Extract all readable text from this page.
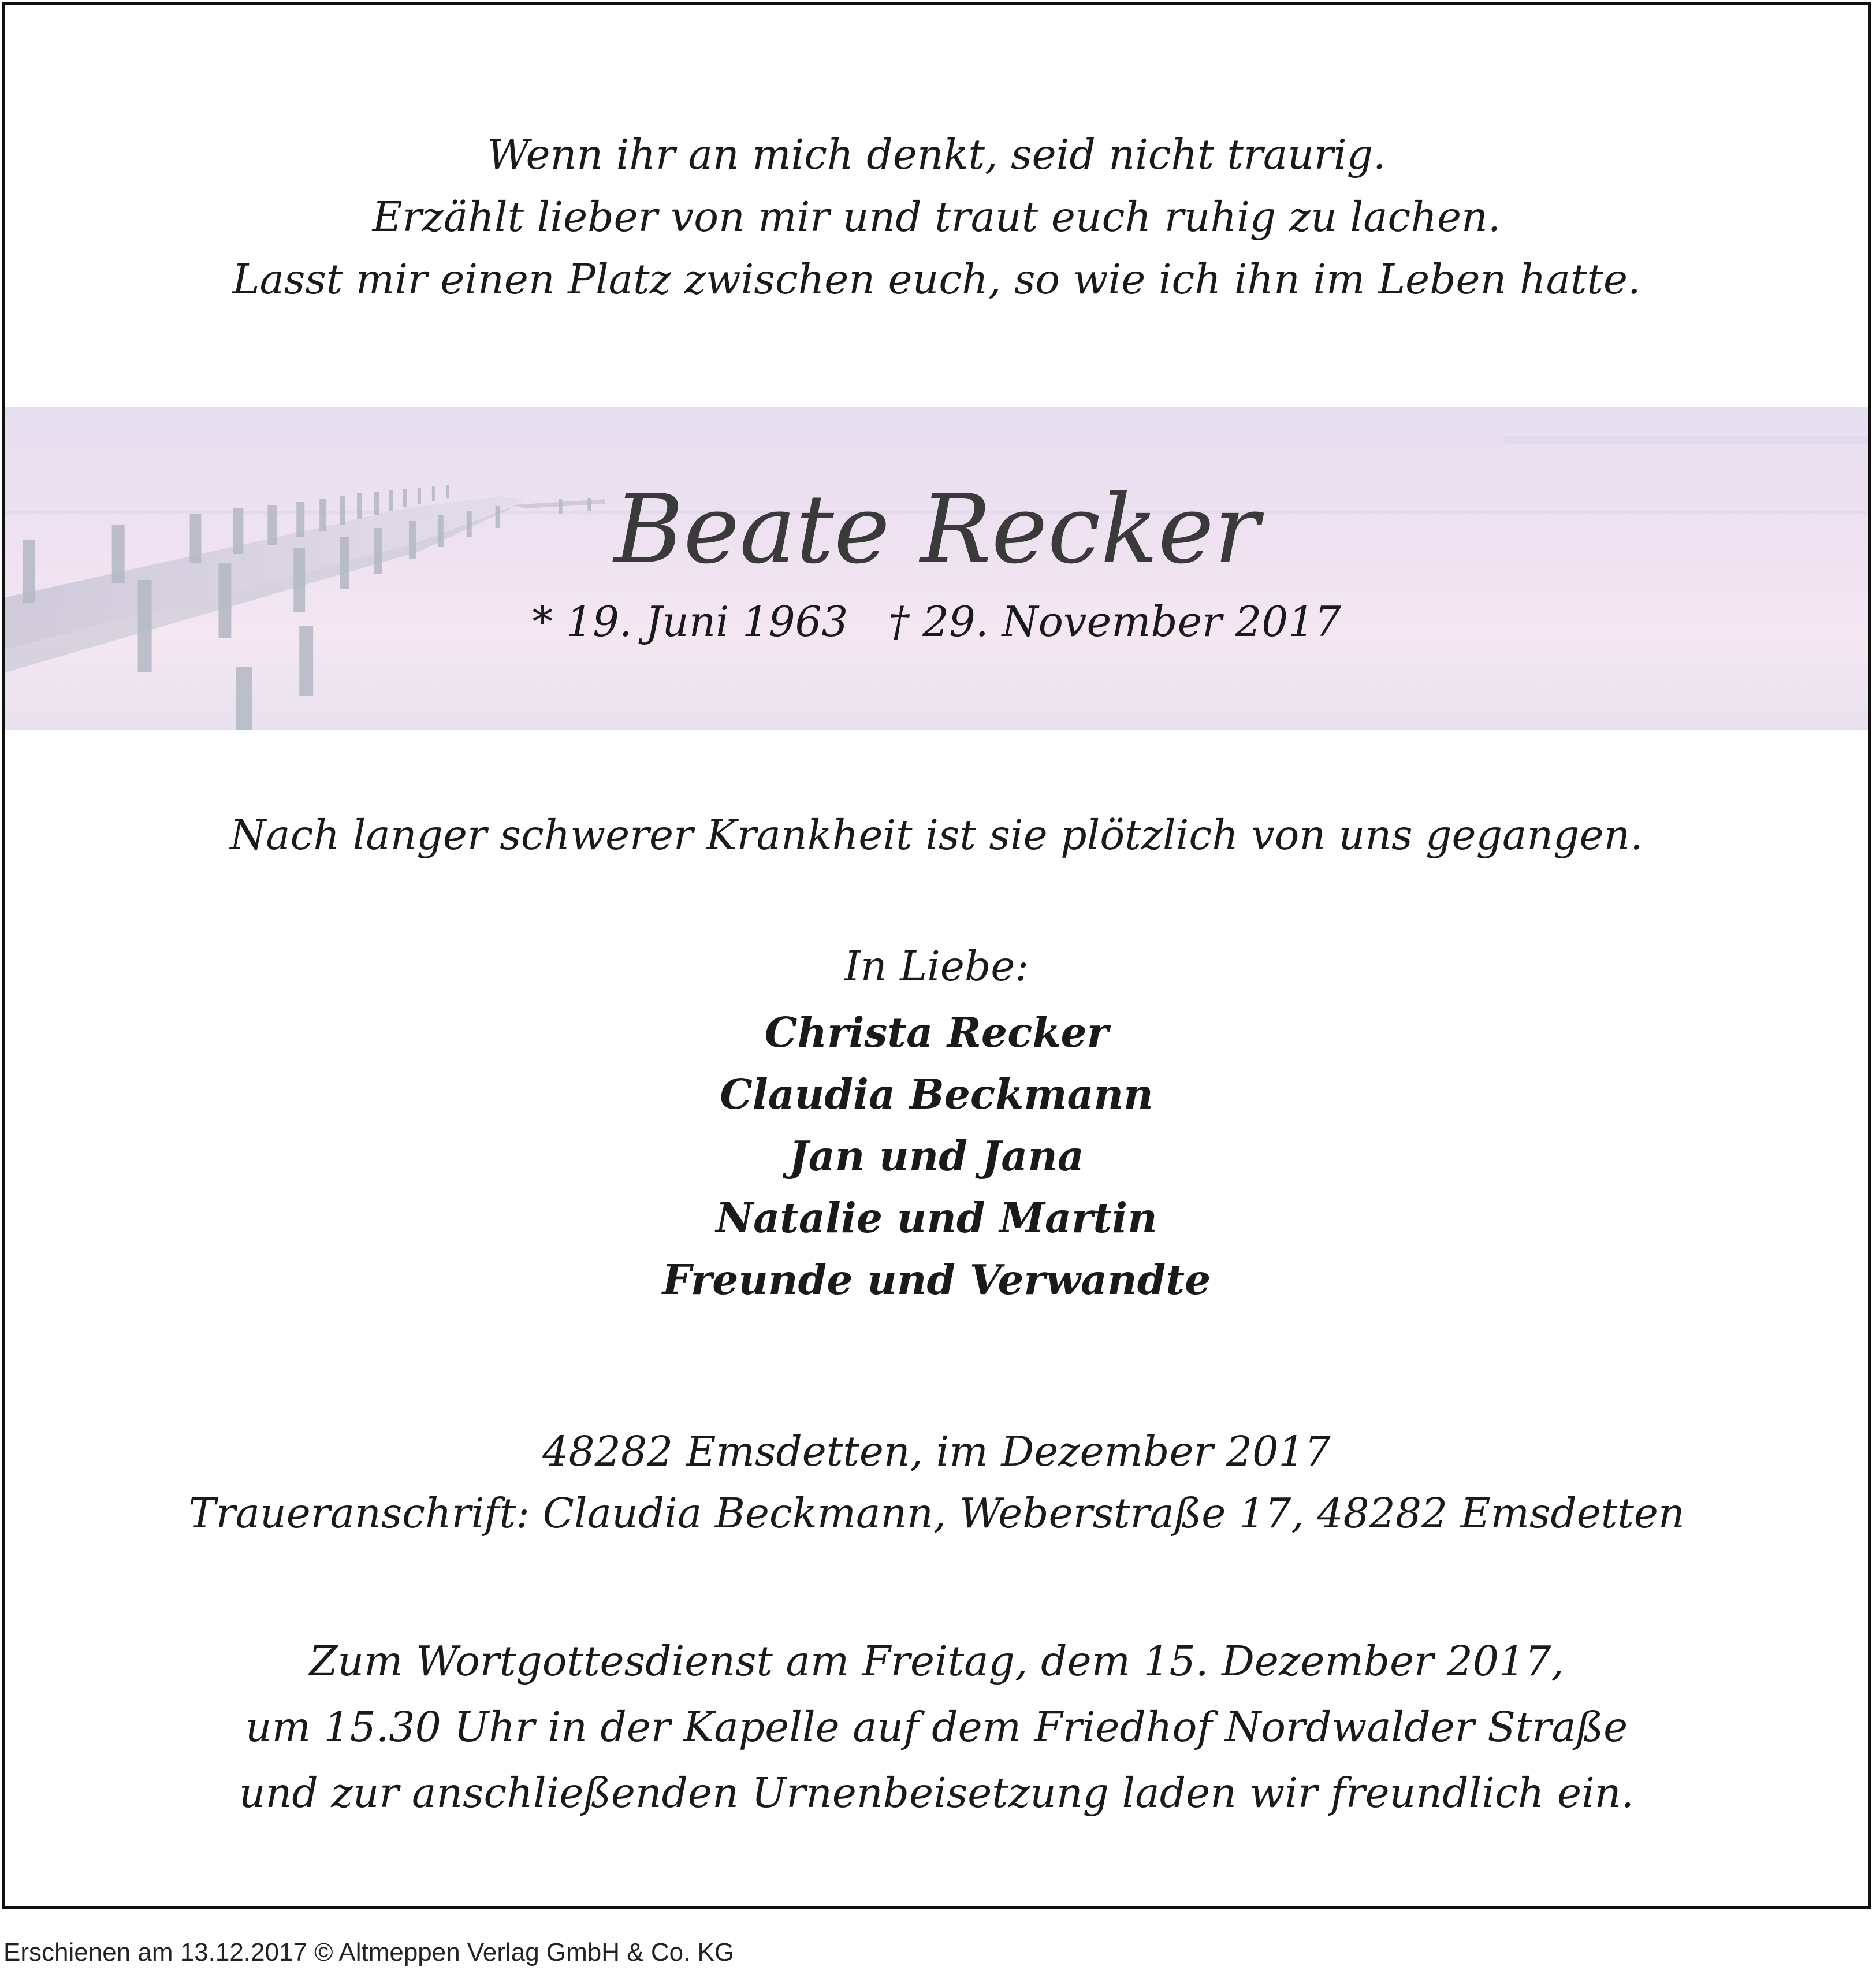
Wenn ihr an mich denkt, seid nicht traurig.
Erzählt lieber von mir und traut euch ruhig zu lachen.
Lasst mir einen Platz zwischen euch, so wie ich ihn im Leben hatte.
Beate Recker
* 19. Juni 1963 † 29. November 2017
Nach langer schwerer Krankheit ist sie plötzlich von uns gegangen.
In Liebe:
Christa Recker
Claudia Beckmann
Jan und Jana
Natalie und Martin
Freunde und Verwandte
48282 Emsdetten, im Dezember 2017
Traueranschrift: Claudia Beckmann, Weberstraße 17, 48282 Emsdetten
Zum Wortgottesdienst am Freitag, dem 15. Dezember 2017,
um 15.30 Uhr in der Kapelle auf dem Friedhof Nordwalder Straße
und zur anschließenden Urnenbeisetzung laden wir freundlich ein.
Erschienen am 13.12.2017 © Altmeppen Verlag GmbH & Co. KG
